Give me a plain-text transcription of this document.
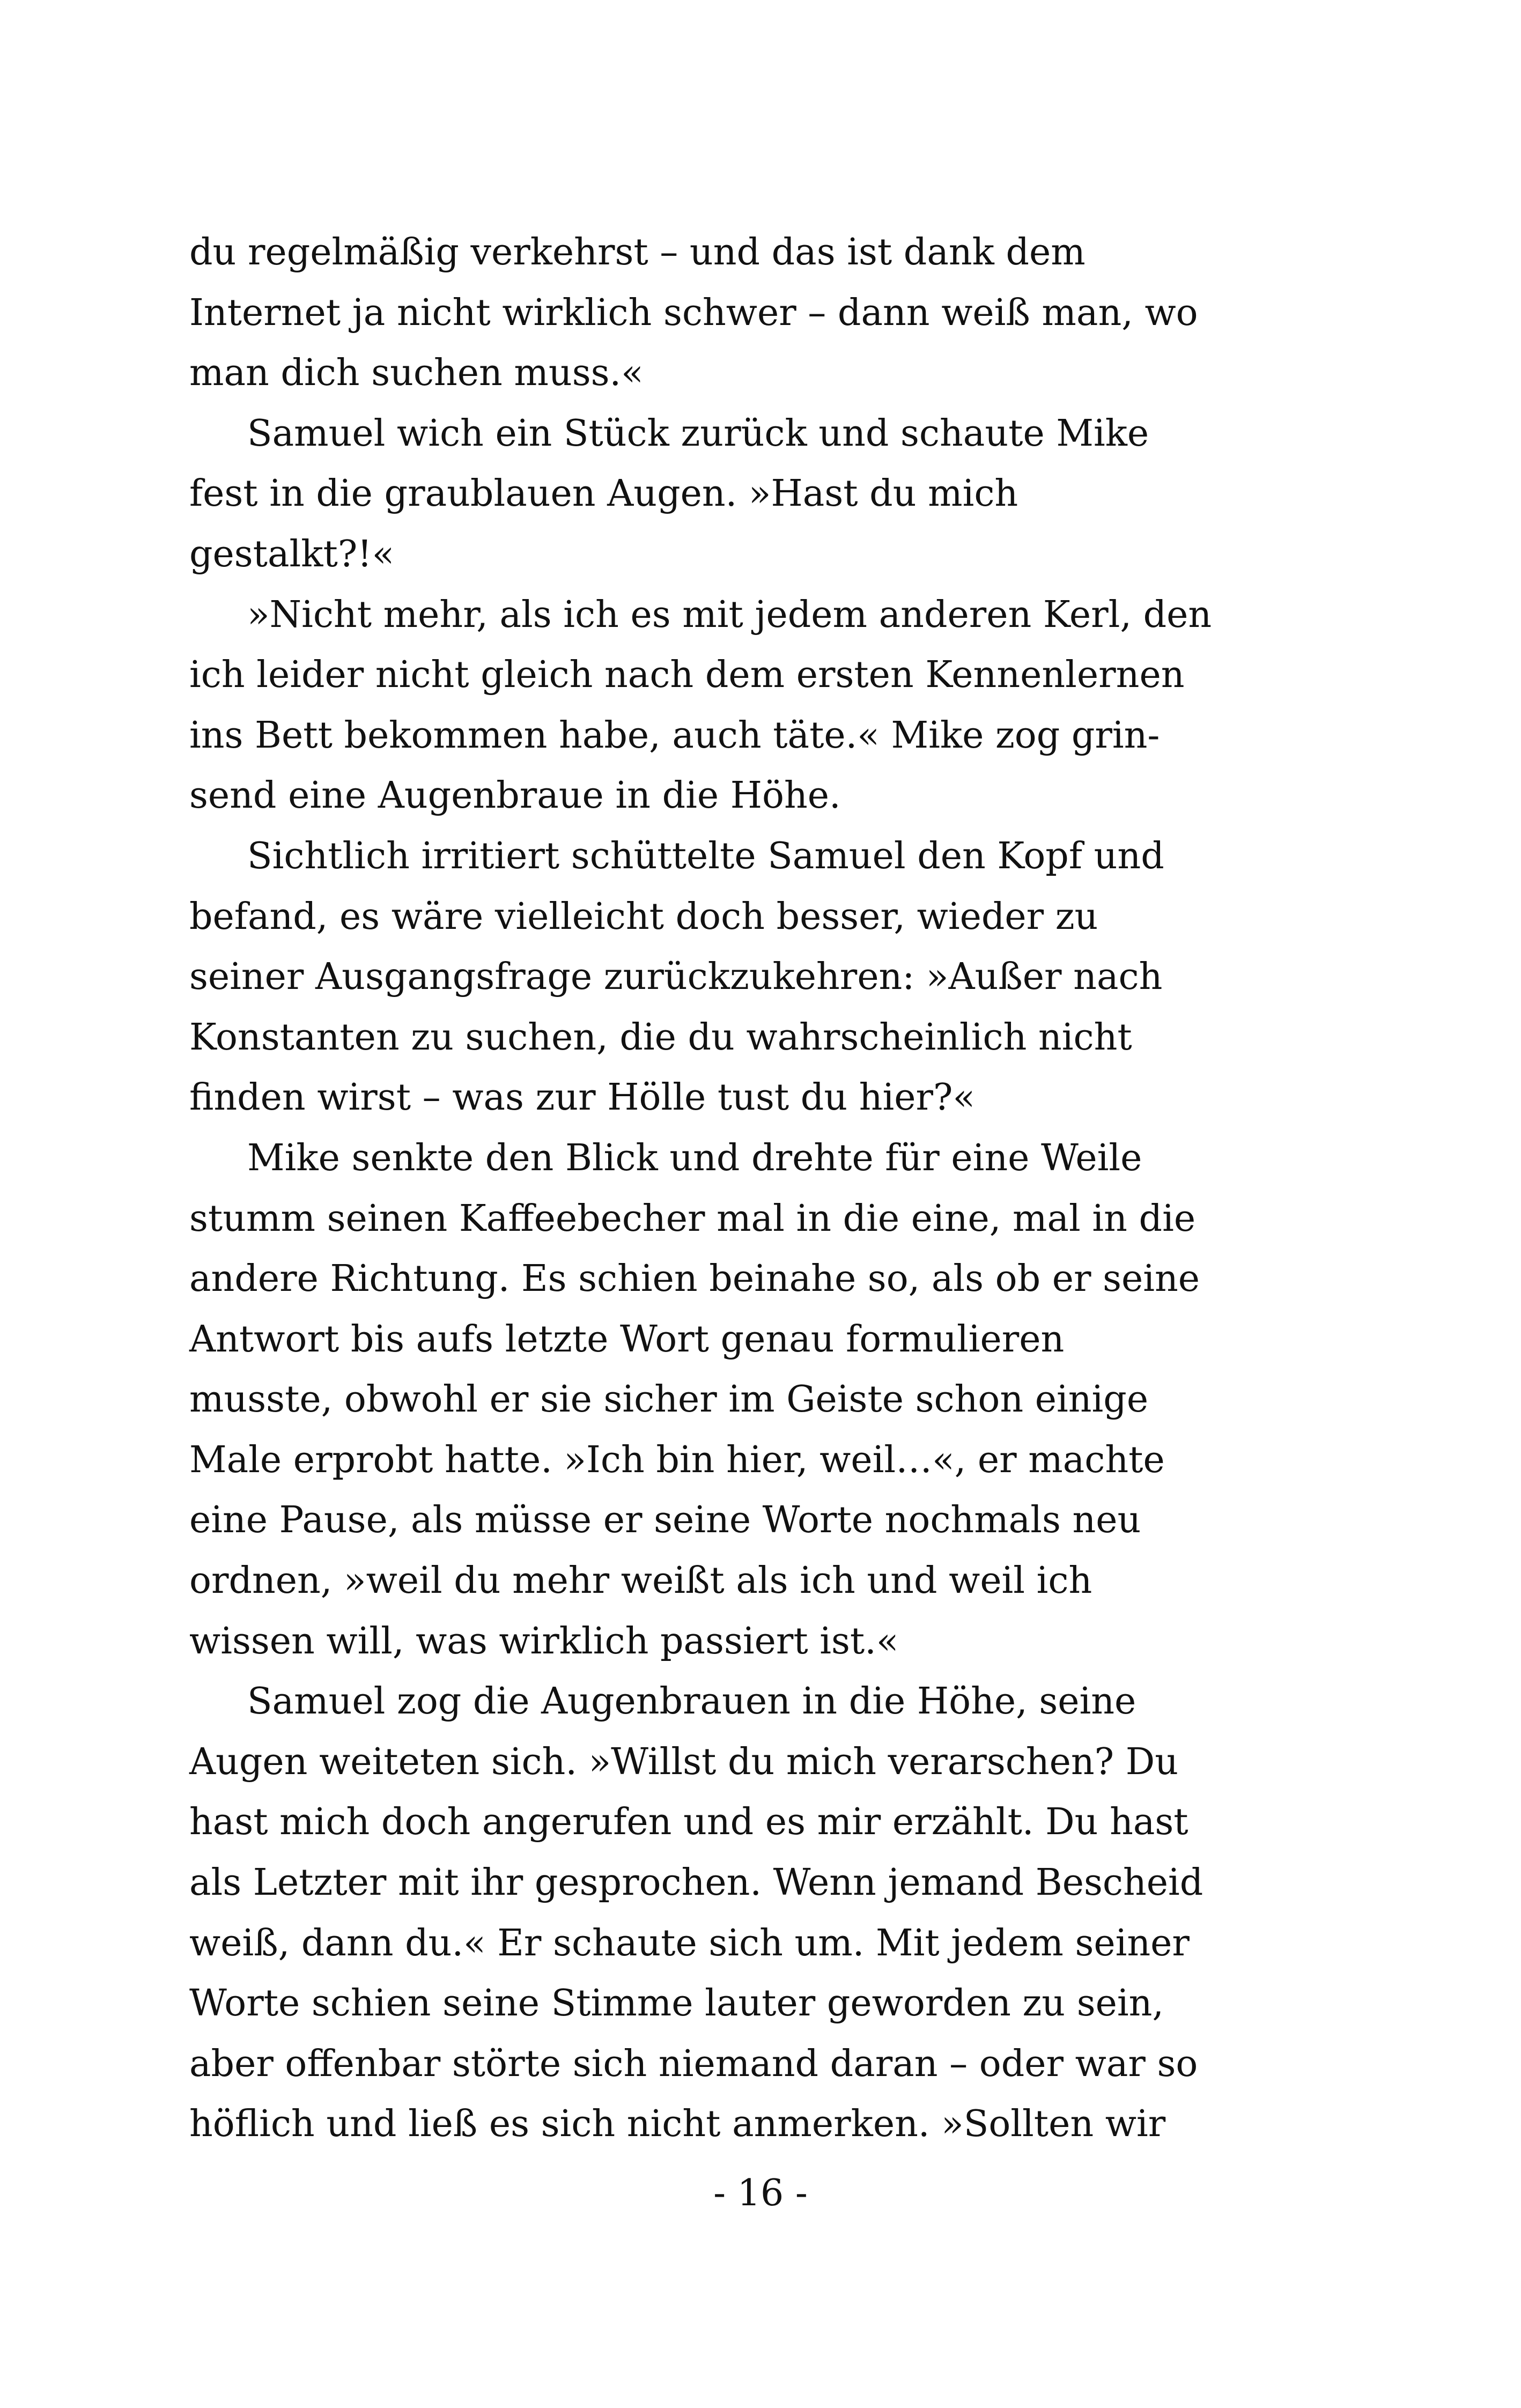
du regelmäßig verkehrst – und das ist dank dem
Internet ja nicht wirklich schwer – dann weiß man, wo
man dich suchen muss.«
Samuel wich ein Stück zurück und schaute Mike
fest in die graublauen Augen. »Hast du mich
gestalkt?!«
»Nicht mehr, als ich es mit jedem anderen Kerl, den
ich leider nicht gleich nach dem ersten Kennenlernen
ins Bett bekommen habe, auch täte.« Mike zog grin-
send eine Augenbraue in die Höhe.
Sichtlich irritiert schüttelte Samuel den Kopf und
befand, es wäre vielleicht doch besser, wieder zu
seiner Ausgangsfrage zurückzukehren: »Außer nach
Konstanten zu suchen, die du wahrscheinlich nicht
finden wirst – was zur Hölle tust du hier?«
Mike senkte den Blick und drehte für eine Weile
stumm seinen Kaffeebecher mal in die eine, mal in die
andere Richtung. Es schien beinahe so, als ob er seine
Antwort bis aufs letzte Wort genau formulieren
musste, obwohl er sie sicher im Geiste schon einige
Male erprobt hatte. »Ich bin hier, weil…«, er machte
eine Pause, als müsse er seine Worte nochmals neu
ordnen, »weil du mehr weißt als ich und weil ich
wissen will, was wirklich passiert ist.«
Samuel zog die Augenbrauen in die Höhe, seine
Augen weiteten sich. »Willst du mich verarschen? Du
hast mich doch angerufen und es mir erzählt. Du hast
als Letzter mit ihr gesprochen. Wenn jemand Bescheid
weiß, dann du.« Er schaute sich um. Mit jedem seiner
Worte schien seine Stimme lauter geworden zu sein,
aber offenbar störte sich niemand daran – oder war so
höflich und ließ es sich nicht anmerken. »Sollten wir
- 16 -
